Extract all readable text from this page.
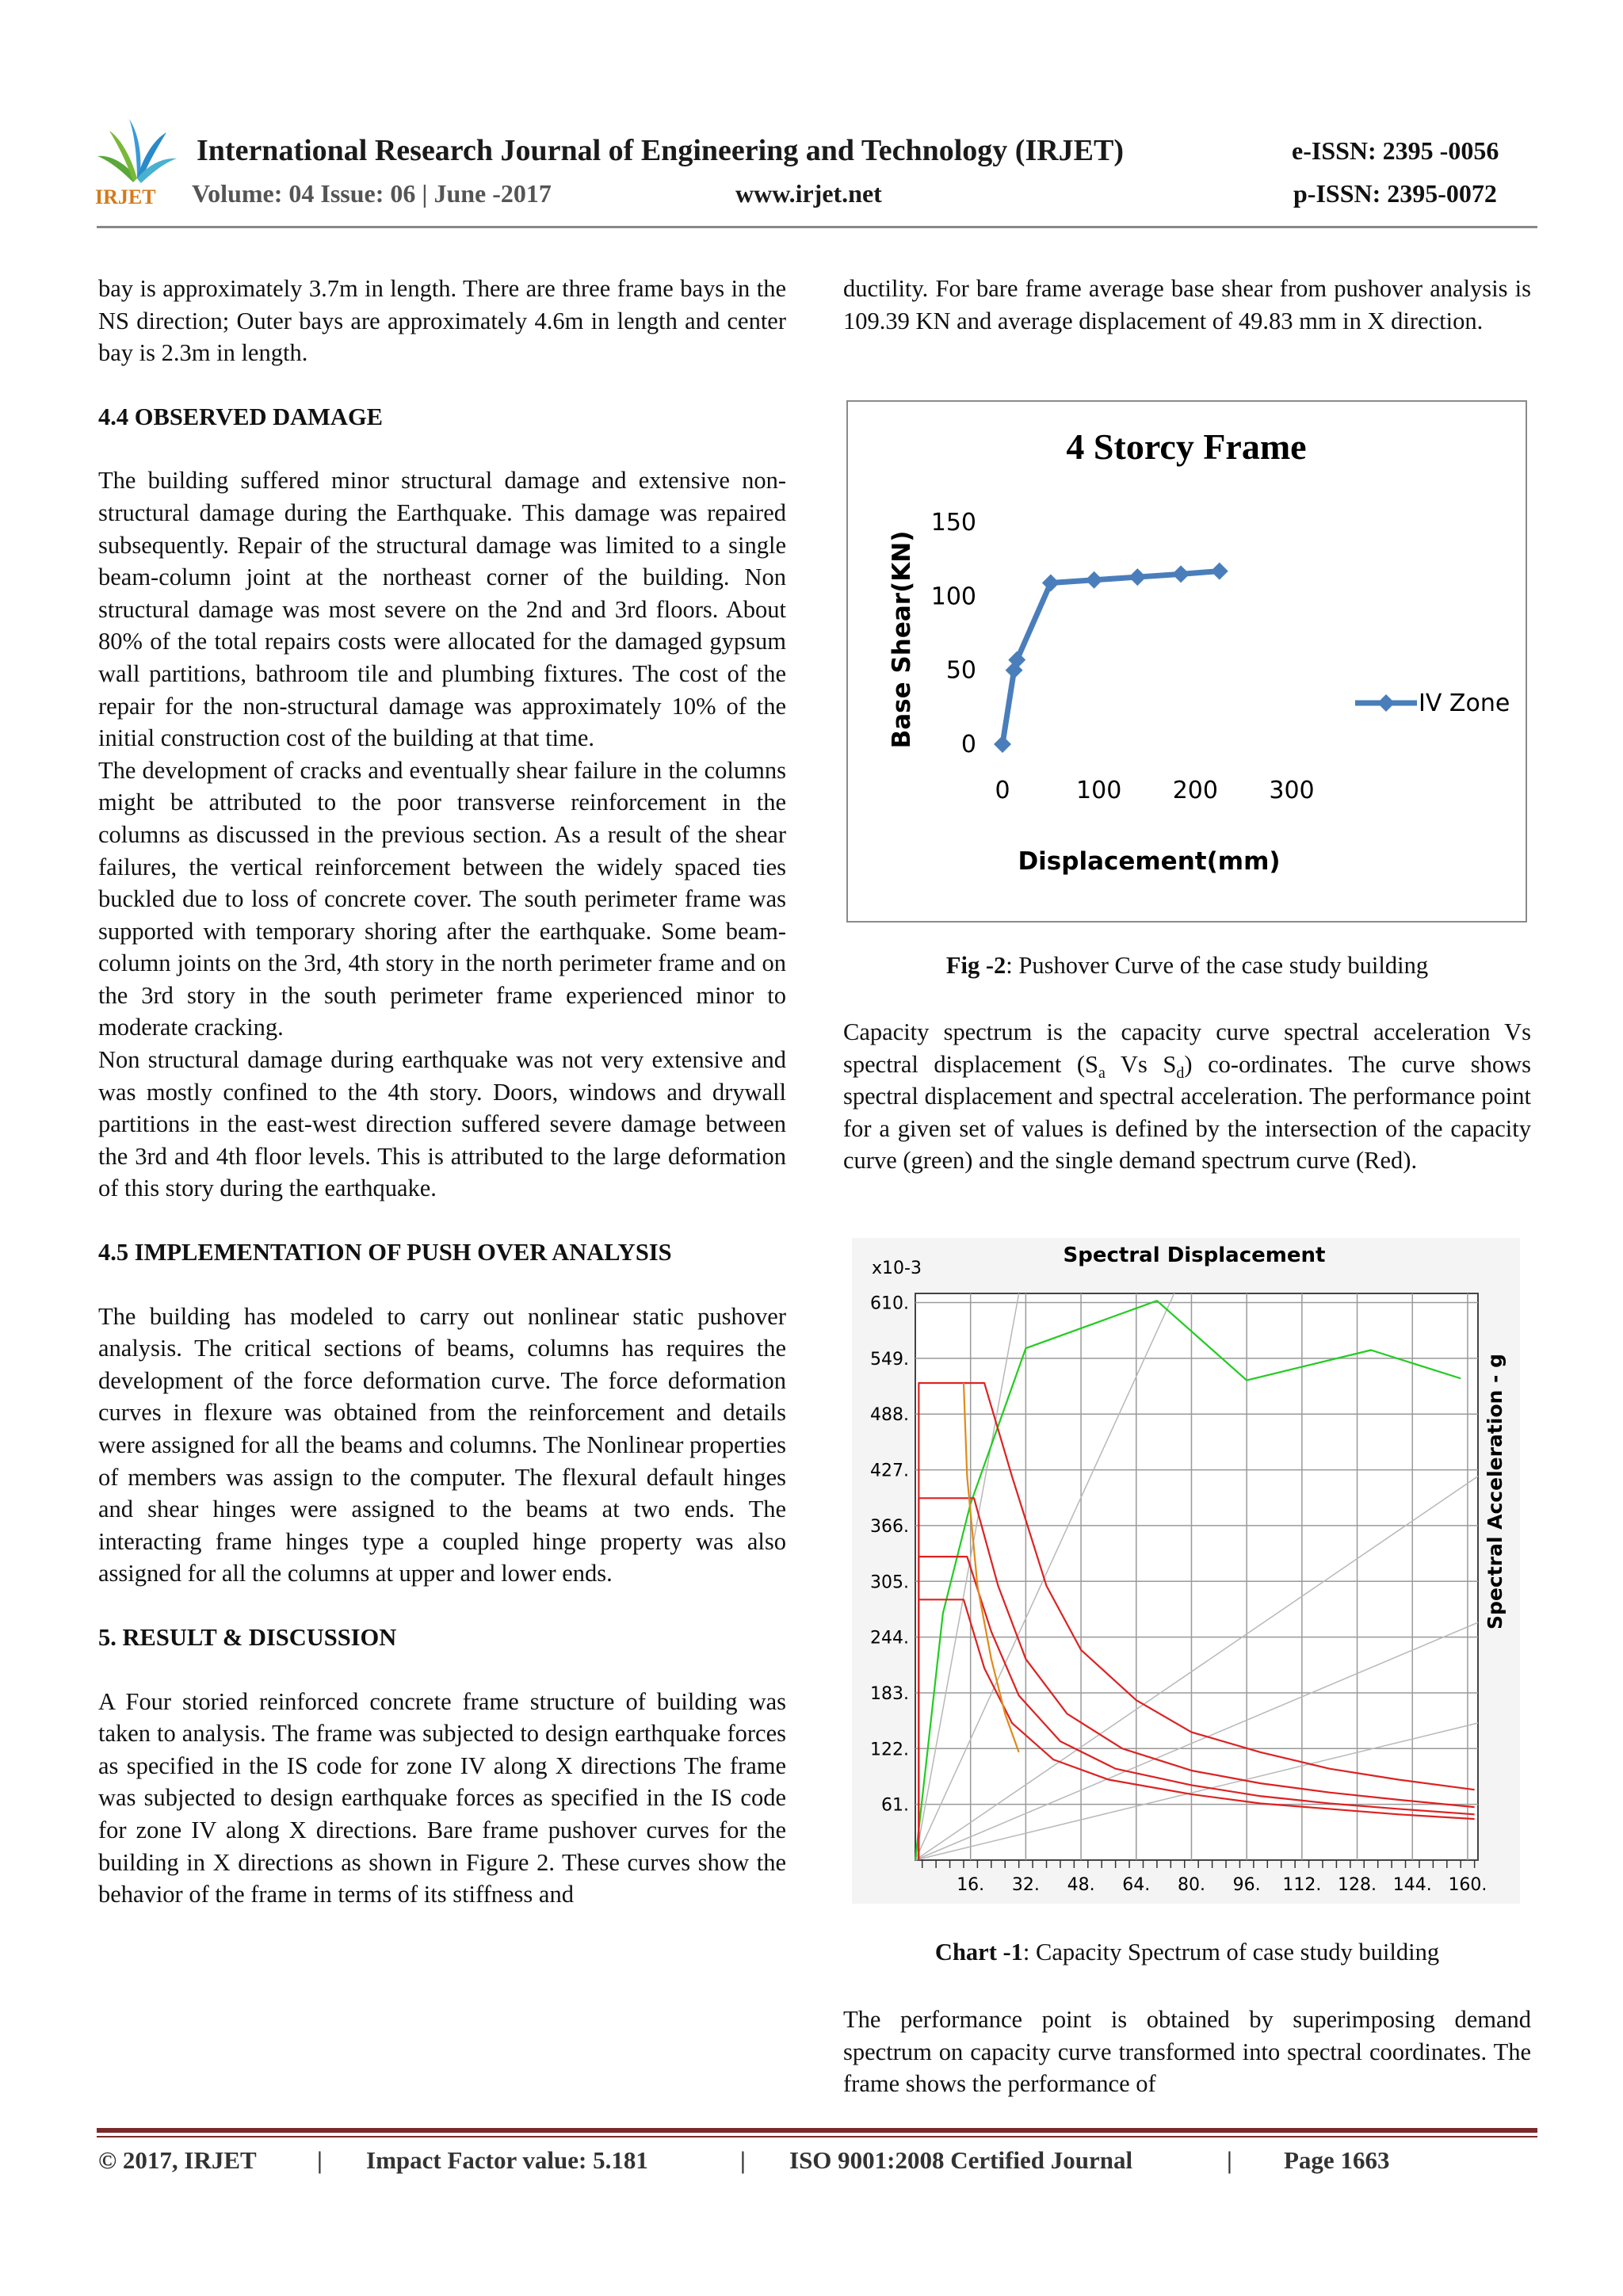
IRJET
International Research Journal of Engineering and Technology (IRJET)
Volume: 04 Issue: 06 | June -2017	www.irjet.net
e-ISSN: 2395 -0056
p-ISSN: 2395-0072

bay is approximately 3.7m in length. There are three frame bays in the NS direction; Outer bays are approximately 4.6m in length and center bay is 2.3m in length.

4.4 OBSERVED DAMAGE

The building suffered minor structural damage and extensive non-structural damage during the Earthquake. This damage was repaired subsequently. Repair of the structural damage was limited to a single beam-column joint at the northeast corner of the building. Non structural damage was most severe on the 2nd and 3rd floors. About 80% of the total repairs costs were allocated for the damaged gypsum wall partitions, bathroom tile and plumbing fixtures. The cost of the repair for the non-structural damage was approximately 10% of the initial construction cost of the building at that time.

The development of cracks and eventually shear failure in the columns might be attributed to the poor transverse reinforcement in the columns as discussed in the previous section. As a result of the shear failures, the vertical reinforcement between the widely spaced ties buckled due to loss of concrete cover. The south perimeter frame was supported with temporary shoring after the earthquake. Some beam-column joints on the 3rd, 4th story in the north perimeter frame and on the 3rd story in the south perimeter frame experienced minor to moderate cracking.

Non structural damage during earthquake was not very extensive and was mostly confined to the 4th story. Doors, windows and drywall partitions in the east-west direction suffered severe damage between the 3rd and 4th floor levels. This is attributed to the large deformation of this story during the earthquake.

4.5 IMPLEMENTATION OF PUSH OVER ANALYSIS

The building has modeled to carry out nonlinear static pushover analysis. The critical sections of beams, columns has requires the development of the force deformation curve. The force deformation curves in flexure was obtained from the reinforcement and details were assigned for all the beams and columns. The Nonlinear properties of members was assign to the computer. The flexural default hinges and shear hinges were assigned to the beams at two ends. The interacting frame hinges type a coupled hinge property was also assigned for all the columns at upper and lower ends.

5. RESULT & DISCUSSION

A Four storied reinforced concrete frame structure of building was taken to analysis. The frame was subjected to design earthquake forces as specified in the IS code for zone IV along X directions The frame was subjected to design earthquake forces as specified in the IS code for zone IV along X directions. Bare frame pushover curves for the building in X directions as shown in Figure 2. These curves show the behavior of the frame in terms of its stiffness and

ductility. For bare frame average base shear from pushover analysis is 109.39 KN and average displacement of 49.83 mm in X direction.

4 Storcy Frame
0
50
100
150
0	100 200 300
Displacement(mm)
Base Shear(KN)	IV Zone
Fig -2: Pushover Curve of the case study building

Capacity spectrum is the capacity curve spectral acceleration Vs spectral displacement ($S_a$ Vs $S_d$) co-ordinates. The curve shows spectral displacement and spectral acceleration. The performance point for a given set of values is defined by the intersection of the capacity curve (green) and the single demand spectrum curve (Red).

61.
122.
183.
244.
305.
366.
427.
488.
549.
610.
16. 32. 48. 64. 80. 96. 112. 128. 144. 160.
x10-3
Spectral Displacement
Spectral Acceleration - g
Chart -1: Capacity Spectrum of case study building

The performance point is obtained by superimposing demand spectrum on capacity curve transformed into spectral coordinates. The frame shows the performance of

© 2017, IRJET | Impact Factor value: 5.181	| ISO 9001:2008 Certified Journal	| Page 1663
